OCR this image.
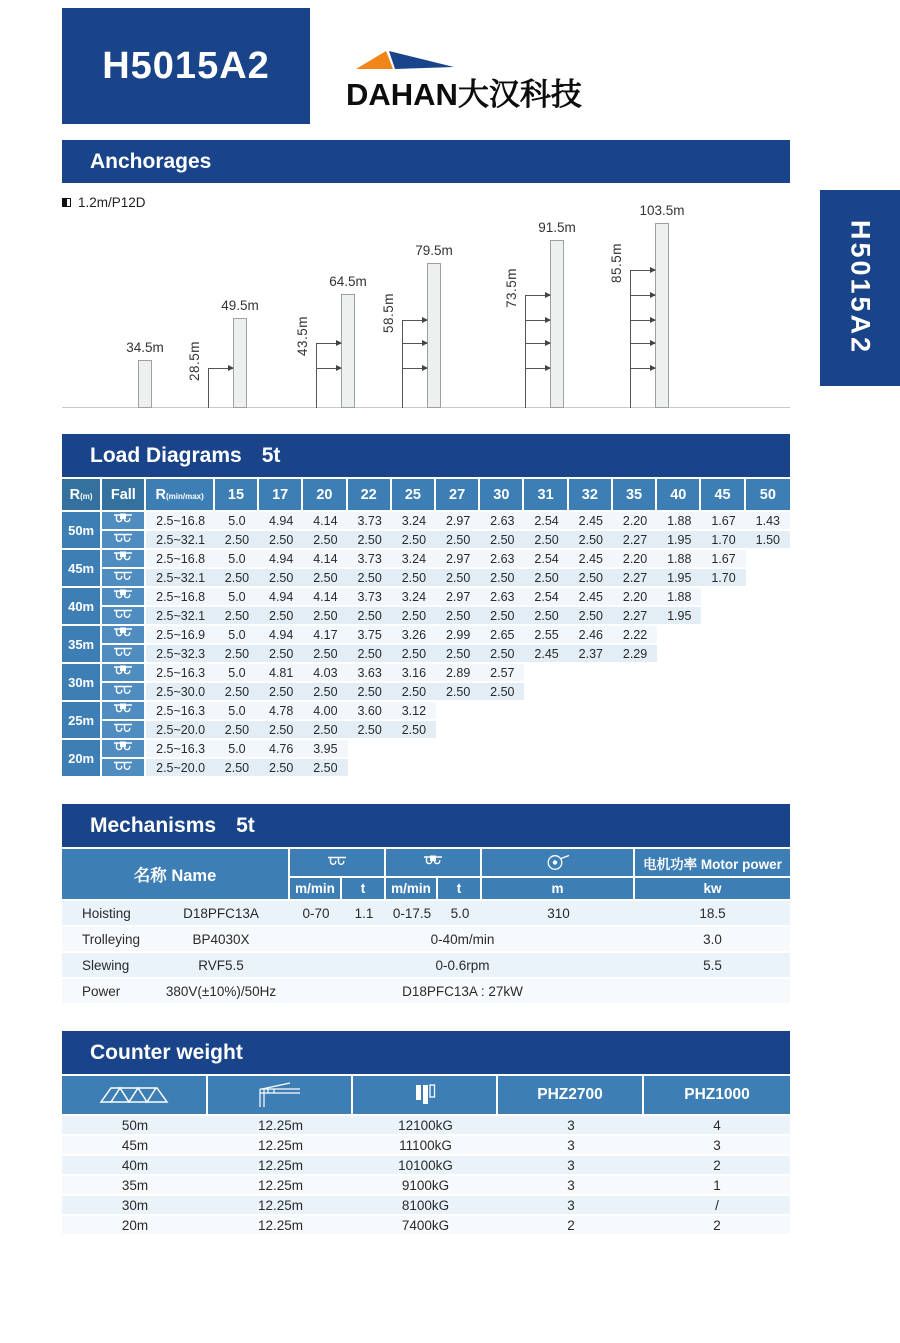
H5015A2
DAHAN大汉科技
Anchorages
1.2m/P12D
34.5m
49.5m
28.5m
64.5m
43.5m
79.5m
58.5m
91.5m
73.5m
103.5m
85.5m
Load Diagrams 5t
R(m)	Fall	R(min/max)	15	17	20	22	25	27	30	31	32	35	40	45	50
50m		2.5~16.8	5.0	4.94	4.14	3.73	3.24	2.97	2.63	2.54	2.45	2.20	1.88	1.67	1.43
	2.5~32.1	2.50	2.50	2.50	2.50	2.50	2.50	2.50	2.50	2.50	2.27	1.95	1.70	1.50
45m		2.5~16.8	5.0	4.94	4.14	3.73	3.24	2.97	2.63	2.54	2.45	2.20	1.88	1.67	
	2.5~32.1	2.50	2.50	2.50	2.50	2.50	2.50	2.50	2.50	2.50	2.27	1.95	1.70	
40m		2.5~16.8	5.0	4.94	4.14	3.73	3.24	2.97	2.63	2.54	2.45	2.20	1.88		
	2.5~32.1	2.50	2.50	2.50	2.50	2.50	2.50	2.50	2.50	2.50	2.27	1.95		
35m		2.5~16.9	5.0	4.94	4.17	3.75	3.26	2.99	2.65	2.55	2.46	2.22			
	2.5~32.3	2.50	2.50	2.50	2.50	2.50	2.50	2.50	2.45	2.37	2.29			
30m		2.5~16.3	5.0	4.81	4.03	3.63	3.16	2.89	2.57						
	2.5~30.0	2.50	2.50	2.50	2.50	2.50	2.50	2.50						
25m		2.5~16.3	5.0	4.78	4.00	3.60	3.12								
	2.5~20.0	2.50	2.50	2.50	2.50	2.50								
20m		2.5~16.3	5.0	4.76	3.95										
	2.5~20.0	2.50	2.50	2.50										
Mechanisms 5t
名称 Name							电机功率 Motor power
		m/min	t	m/min	t	m	kw
Hoisting	D18PFC13A	0-70	1.1	0-17.5	5.0	310	18.5
Trolleying	BP4030X	0-40m/min					3.0
Slewing	RVF5.5	0-0.6rpm					5.5
Power	380V(±10%)/50Hz	D18PFC13A : 27kW					
Counter weight
			PHZ2700	PHZ1000
50m	12.25m	12100kG	3	4
45m	12.25m	11100kG	3	3
40m	12.25m	10100kG	3	2
35m	12.25m	9100kG	3	1
30m	12.25m	8100kG	3	/
20m	12.25m	7400kG	2	2
H5015A2
